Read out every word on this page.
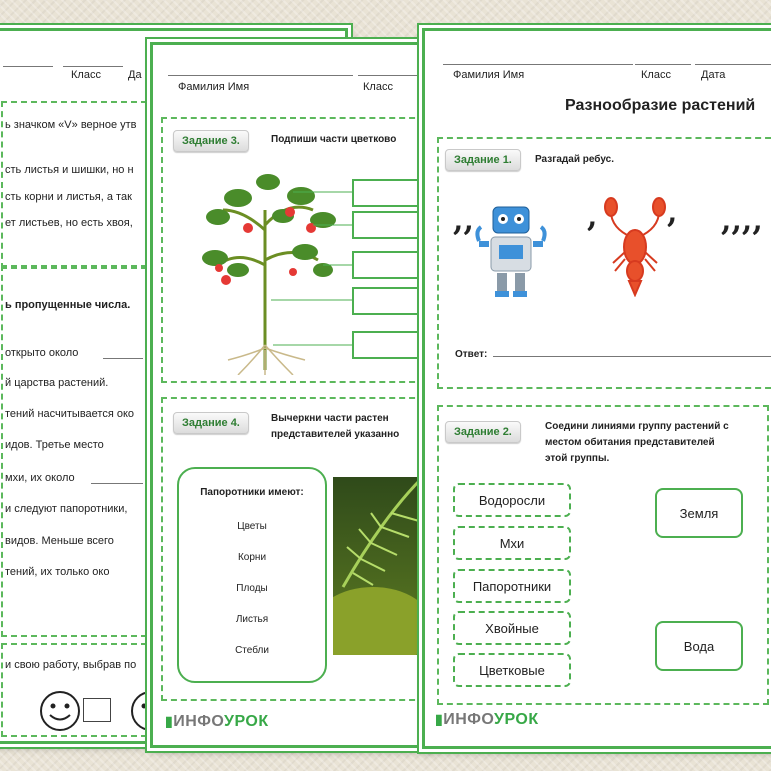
Класс Да
ь значком «V» верное утв
сть листья и шишки, но н
сть корни и листья, а так
ет листьев, но есть хвоя,
ь пропущенные числа.
открыто около
й царства растений.
тений насчитывается око
идов. Третье место
мхи, их около
и следуют папоротники,
видов. Меньше всего
тений, их только око
и свою работу, выбрав по
Фамилия Имя	Класс
Задание 3.	Подпиши части цветково
Задание 4.	Вычеркни части растен
представителей указанно
Папоротники имеют:
Цветы
Корни
Плоды
Листья
Стебли
▮ИНФОУРОК
Фамилия Имя	Класс	Дата
Разнообразие растений
Задание 1.	Разгадай ребус.
,,	, , ,,,,
Ответ:
Задание 2.	Соедини линиями группу растений с
местом обитания представителей
этой группы.
Водоросли
Мхи
Папоротники
Хвойные
Цветковые
Земля
Вода
▮ИНФОУРОК
